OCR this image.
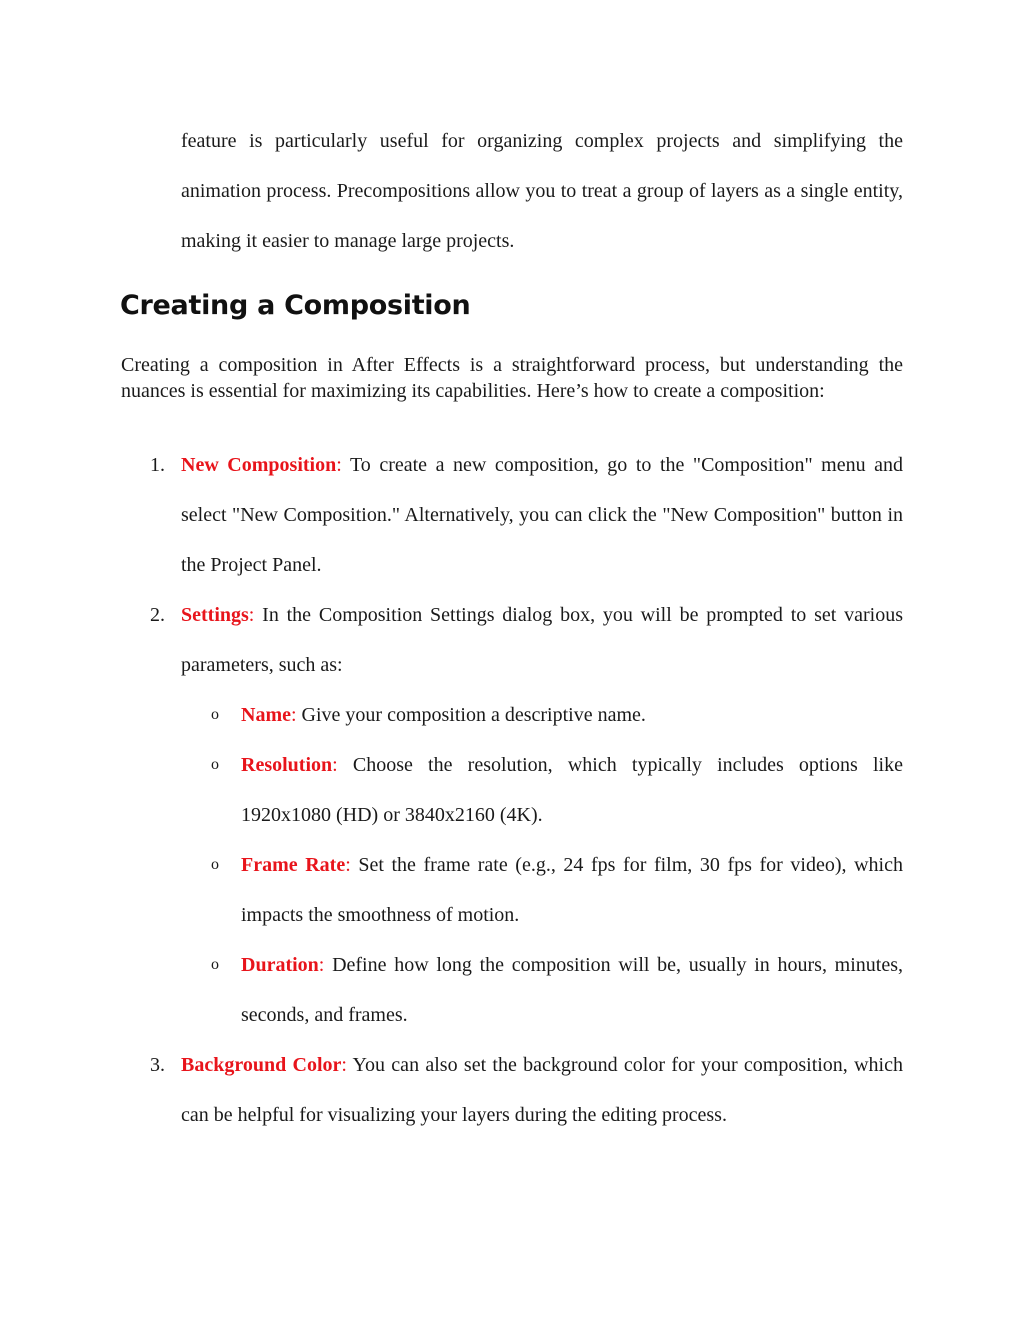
feature is particularly useful for organizing complex projects and simplifying the animation process. Precompositions allow you to treat a group of layers as a single entity, making it easier to manage large projects.

Creating a Composition

Creating a composition in After Effects is a straightforward process, but understanding the nuances is essential for maximizing its capabilities. Here’s how to create a composition:

1. New Composition: To create a new composition, go to the "Composition" menu and select "New Composition." Alternatively, you can click the "New Composition" button in the Project Panel.
2. Settings: In the Composition Settings dialog box, you will be prompted to set various parameters, such as:
o Name: Give your composition a descriptive name.
o Resolution: Choose the resolution, which typically includes options like 1920x1080 (HD) or 3840x2160 (4K).
o Frame Rate: Set the frame rate (e.g., 24 fps for film, 30 fps for video), which impacts the smoothness of motion.
o Duration: Define how long the composition will be, usually in hours, minutes, seconds, and frames.
3. Background Color: You can also set the background color for your composition, which can be helpful for visualizing your layers during the editing process.
